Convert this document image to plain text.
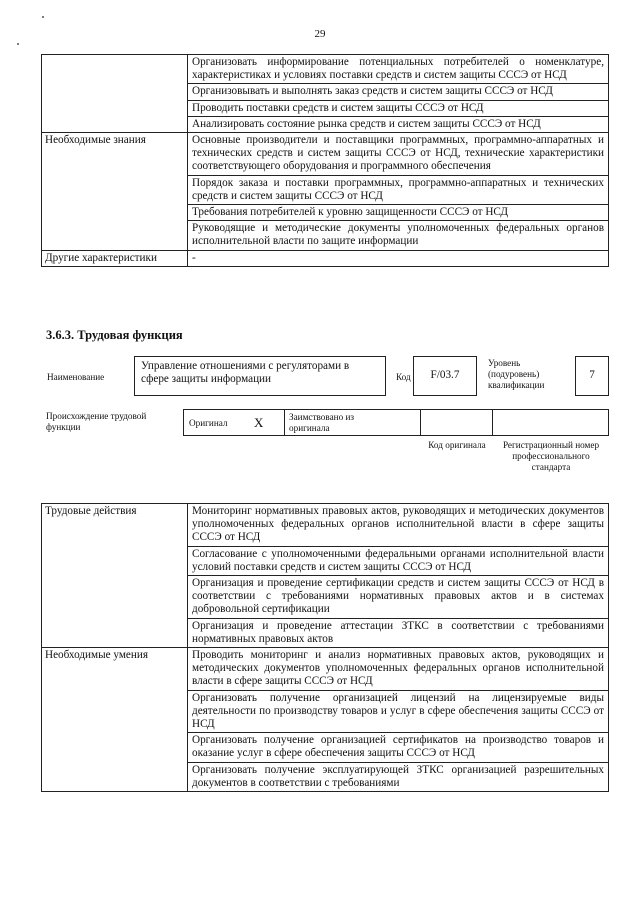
29
	Организовать информирование потенциальных потребителей о номенклатуре, характеристиках и условиях поставки средств и систем защиты СССЭ от НСД
	Организовывать и выполнять заказ средств и систем защиты СССЭ от НСД
	Проводить поставки средств и систем защиты СССЭ от НСД
	Анализировать состояние рынка средств и систем защиты СССЭ от НСД
Необходимые знания	Основные производители и поставщики программных, программно-аппаратных и технических средств и систем защиты СССЭ от НСД, технические характеристики соответствующего оборудования и программного обеспечения
	Порядок заказа и поставки программных, программно-аппаратных и технических средств и систем защиты СССЭ от НСД
	Требования потребителей к уровню защищенности СССЭ от НСД
	Руководящие и методические документы уполномоченных федеральных органов исполнительной власти по защите информации
Другие характеристики	-
3.6.3. Трудовая функция
Наименование
Управление отношениями с регуляторами в сфере защиты информации	Код	F/03.7
Уровень (подуровень) квалификации
7
Происхождение трудовой функции	Оригинал X	Заимствовано из оригинала
Код оригинала	Регистрационный номер профессионального стандарта
Трудовые действия	Мониторинг нормативных правовых актов, руководящих и методических документов уполномоченных федеральных органов исполнительной власти в сфере защиты СССЭ от НСД
	Согласование с уполномоченными федеральными органами исполнительной власти условий поставки средств и систем защиты СССЭ от НСД
	Организация и проведение сертификации средств и систем защиты СССЭ от НСД в соответствии с требованиями нормативных правовых актов и в системах добровольной сертификации
	Организация и проведение аттестации ЗТКС в соответствии с требованиями нормативных правовых актов
Необходимые умения	Проводить мониторинг и анализ нормативных правовых актов, руководящих и методических документов уполномоченных федеральных органов исполнительной власти в сфере защиты СССЭ от НСД
	Организовать получение организацией лицензий на лицензируемые виды деятельности по производству товаров и услуг в сфере обеспечения защиты СССЭ от НСД
	Организовать получение организацией сертификатов на производство товаров и оказание услуг в сфере обеспечения защиты СССЭ от НСД
	Организовать получение эксплуатирующей ЗТКС организацией разрешительных документов в соответствии с требованиями
